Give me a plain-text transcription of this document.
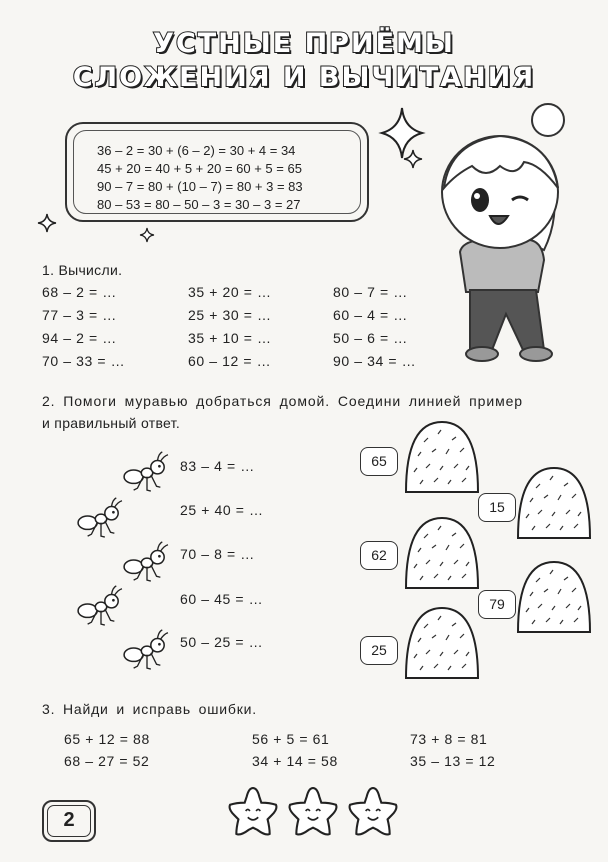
УСТНЫЕ ПРИЁМЫ
СЛОЖЕНИЯ И ВЫЧИТАНИЯ
36 – 2 = 30 + (6 – 2) = 30 + 4 = 34
45 + 20 = 40 + 5 + 20 = 60 + 5 = 65
90 – 7 = 80 + (10 – 7) = 80 + 3 = 83
80 – 53 = 80 – 50 – 3 = 30 – 3 = 27
1. Вычисли.
68 – 2 = …
77 – 3 = …
94 – 2 = …
70 – 33 = …
35 + 20 = …
25 + 30 = …
35 + 10 = …
60 – 12 = …
80 – 7 = …
60 – 4 = …
50 – 6 = …
90 – 34 = …
2. Помоги муравью добраться домой. Соедини линией пример
и правильный ответ.
83 – 4 = …
25 + 40 = …
70 – 8 = …
60 – 45 = …
50 – 25 = …
65
15
62
79
25
3. Найди и исправь ошибки.
65 + 12 = 88
68 – 27 = 52
56 + 5 = 61
34 + 14 = 58
73 + 8 = 81
35 – 13 = 12
2
